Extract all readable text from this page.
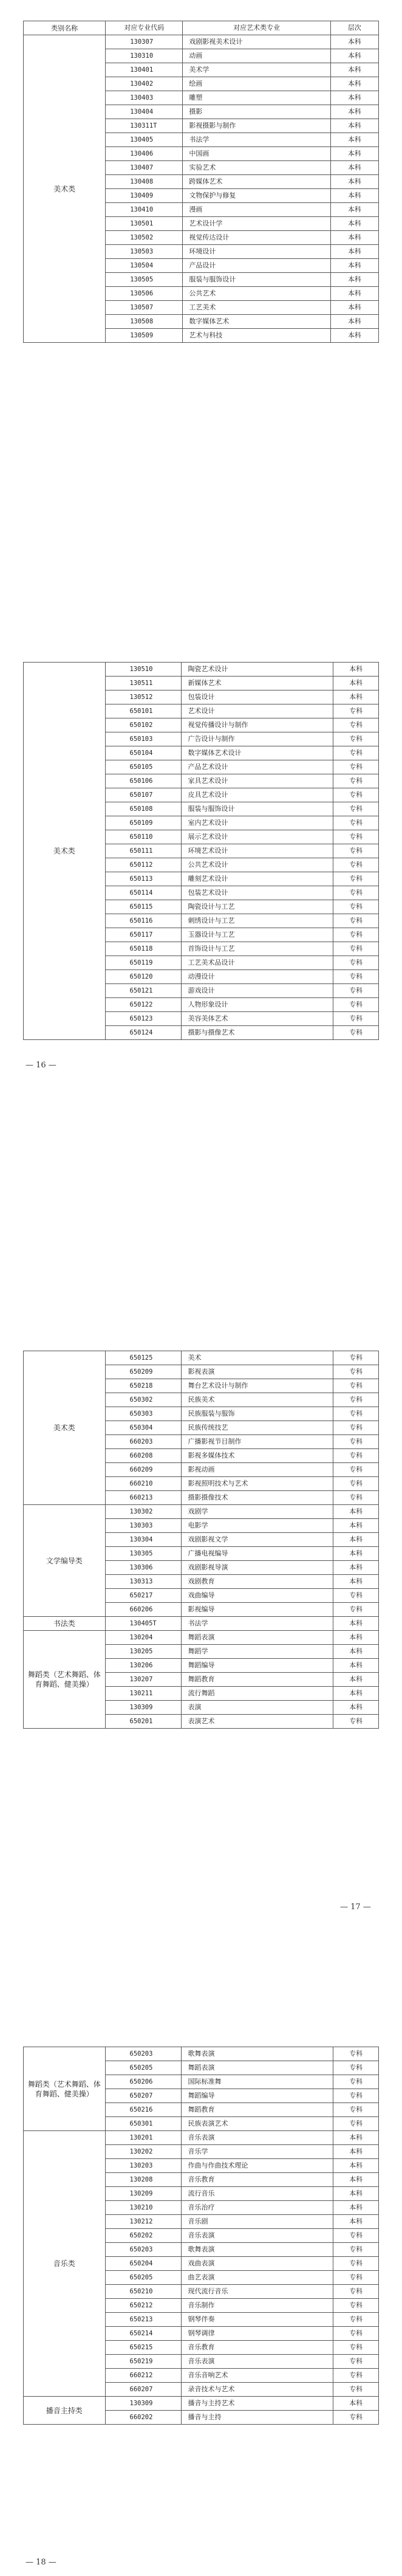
类别名称	对应专业代码	对应艺术类专业	层次
美术类	130307	戏剧影视美术设计	本科
	130310	动画	本科
	130401	美术学	本科
	130402	绘画	本科
	130403	雕塑	本科
	130404	摄影	本科
	130311T	影视摄影与制作	本科
	130405	书法学	本科
	130406	中国画	本科
	130407	实验艺术	本科
	130408	跨媒体艺术	本科
	130409	文物保护与修复	本科
	130410	漫画	本科
	130501	艺术设计学	本科
	130502	视觉传达设计	本科
	130503	环境设计	本科
	130504	产品设计	本科
	130505	服装与服饰设计	本科
	130506	公共艺术	本科
	130507	工艺美术	本科
	130508	数字媒体艺术	本科
	130509	艺术与科技	本科
美术类	130510	陶瓷艺术设计	本科
	130511	新媒体艺术	本科
	130512	包装设计	本科
	650101	艺术设计	专科
	650102	视觉传播设计与制作	专科
	650103	广告设计与制作	专科
	650104	数字媒体艺术设计	专科
	650105	产品艺术设计	专科
	650106	家具艺术设计	专科
	650107	皮具艺术设计	专科
	650108	服装与服饰设计	专科
	650109	室内艺术设计	专科
	650110	展示艺术设计	专科
	650111	环境艺术设计	专科
	650112	公共艺术设计	专科
	650113	雕刻艺术设计	专科
	650114	包装艺术设计	专科
	650115	陶瓷设计与工艺	专科
	650116	刺绣设计与工艺	专科
	650117	玉器设计与工艺	专科
	650118	首饰设计与工艺	专科
	650119	工艺美术品设计	专科
	650120	动漫设计	专科
	650121	游戏设计	专科
	650122	人物形象设计	专科
	650123	美容美体艺术	专科
	650124	摄影与摄像艺术	专科
— 16 —
美术类	650125	美术	专科
	650209	影视表演	专科
	650218	舞台艺术设计与制作	专科
	650302	民族美术	专科
	650303	民族服装与服饰	专科
	650304	民族传统技艺	专科
	660203	广播影视节目制作	专科
	660208	影视多媒体技术	专科
	660209	影视动画	专科
	660210	影视照明技术与艺术	专科
	660213	摄影摄像技术	专科
文学编导类	130302	戏剧学	本科
	130303	电影学	本科
	130304	戏剧影视文学	本科
	130305	广播电视编导	本科
	130306	戏剧影视导演	本科
	130313	戏剧教育	本科
	650217	戏曲编导	专科
	660206	影视编导	专科
书法类	130405T	书法学	本科
舞蹈类（艺术舞蹈、体育舞蹈、健美操）	130204	舞蹈表演	本科
	130205	舞蹈学	本科
	130206	舞蹈编导	本科
	130207	舞蹈教育	本科
	130211	流行舞蹈	本科
	130309	表演	本科
	650201	表演艺术	专科
— 17 —
舞蹈类（艺术舞蹈、体育舞蹈、健美操）	650203	歌舞表演	专科
	650205	舞蹈表演	专科
	650206	国际标准舞	专科
	650207	舞蹈编导	专科
	650216	舞蹈教育	专科
	650301	民族表演艺术	专科
音乐类	130201	音乐表演	本科
	130202	音乐学	本科
	130203	作曲与作曲技术理论	本科
	130208	音乐教育	本科
	130209	流行音乐	本科
	130210	音乐治疗	本科
	130212	音乐剧	本科
	650202	音乐表演	专科
	650203	歌舞表演	专科
	650204	戏曲表演	专科
	650205	曲艺表演	专科
	650210	现代流行音乐	专科
	650212	音乐制作	专科
	650213	钢琴伴奏	专科
	650214	钢琴调律	专科
	650215	音乐教育	专科
	650219	音乐表演	专科
	660212	音乐音响艺术	专科
	660207	录音技术与艺术	专科
播音主持类	130309	播音与主持艺术	本科
	660202	播音与主持	专科
— 18 —
